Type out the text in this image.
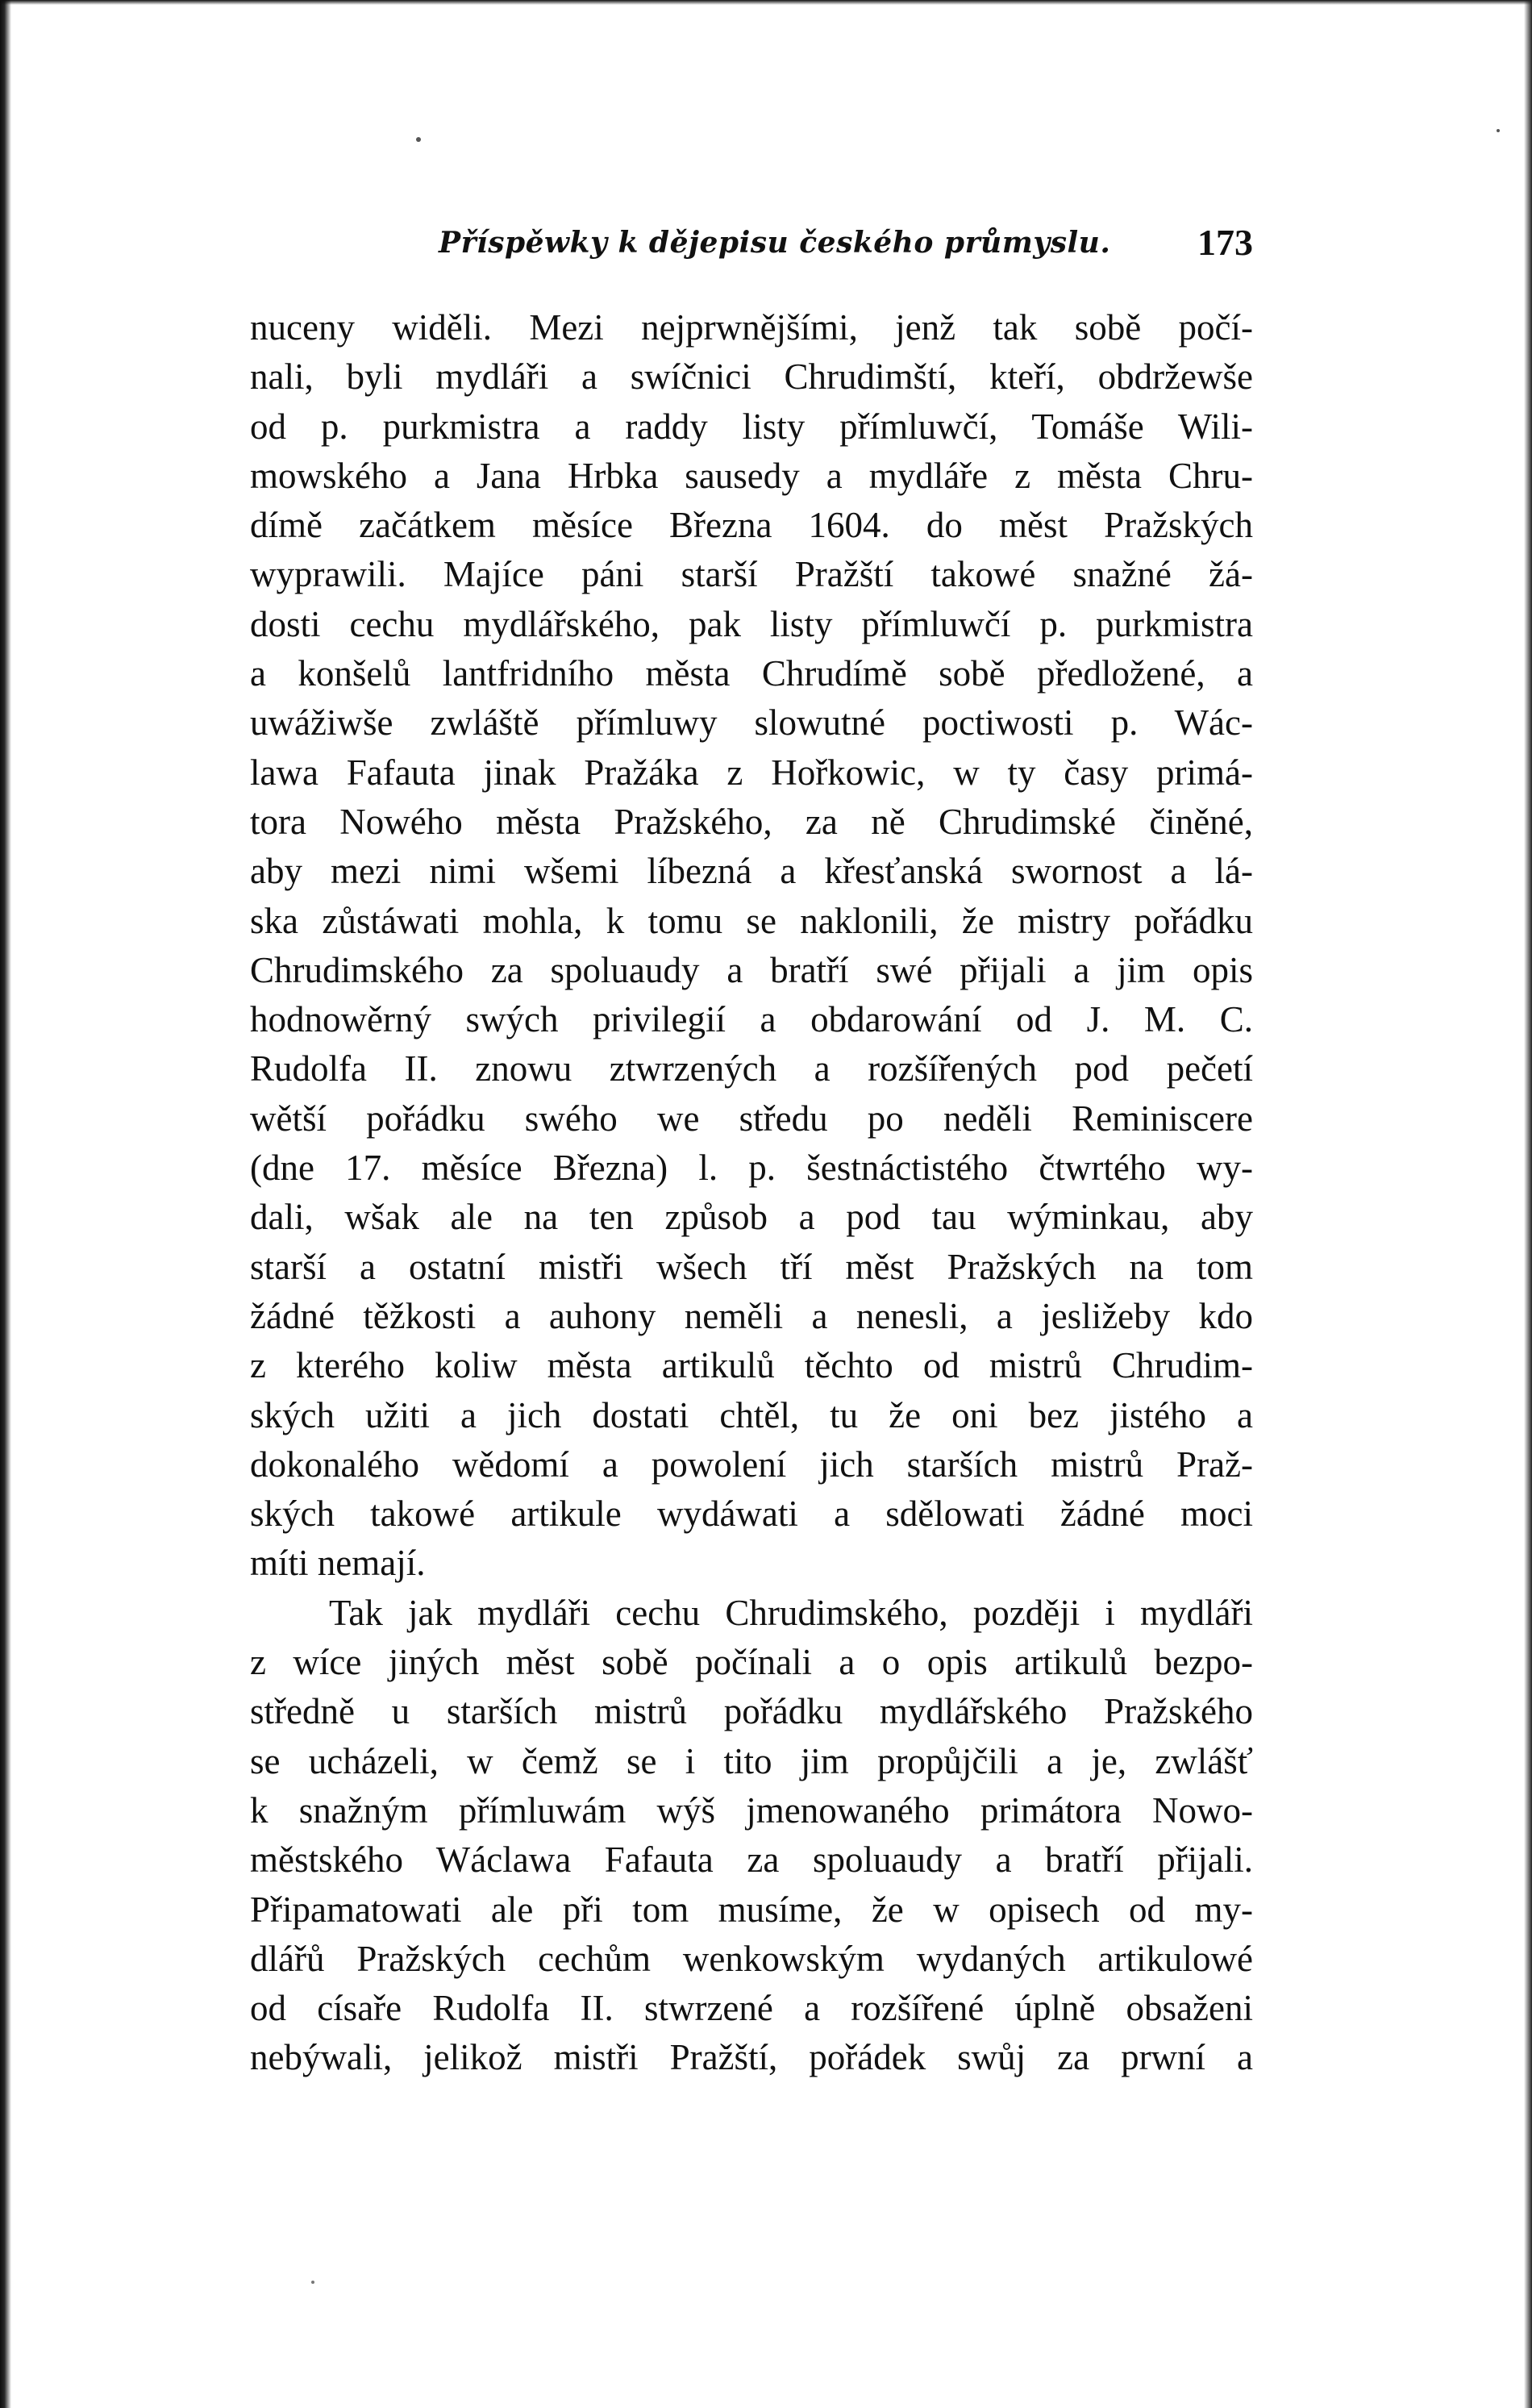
Příspěwky k dějepisu českého průmyslu. 173
nuceny widěli. Mezi nejprwnějšími, jenž tak sobě počí-
nali, byli mydláři a swíčnici Chrudimští, kteří, obdržewše
od p. purkmistra a raddy listy přímluwčí, Tomáše Wili-
mowského a Jana Hrbka sausedy a mydláře z města Chru-
dímě začátkem měsíce Března 1604. do měst Pražských
wyprawili. Majíce páni starší Pražští takowé snažné žá-
dosti cechu mydlářského, pak listy přímluwčí p. purkmistra
a konšelů lantfridního města Chrudímě sobě předložené, a
uwážiwše zwláště přímluwy slowutné poctiwosti p. Wác-
lawa Fafauta jinak Pražáka z Hořkowic, w ty časy primá-
tora Nowého města Pražského, za ně Chrudimské činěné,
aby mezi nimi wšemi líbezná a křesťanská swornost a lá-
ska zůstáwati mohla, k tomu se naklonili, že mistry pořádku
Chrudimského za spoluaudy a bratří swé přijali a jim opis
hodnowěrný swých privilegií a obdarowání od J. M. C.
Rudolfa II. znowu ztwrzených a rozšířených pod pečetí
wětší pořádku swého we středu po neděli Reminiscere
(dne 17. měsíce Března) l. p. šestnáctistého čtwrtého wy-
dali, wšak ale na ten způsob a pod tau wýminkau, aby
starší a ostatní mistři wšech tří měst Pražských na tom
žádné těžkosti a auhony neměli a nenesli, a jesližeby kdo
z kterého koliw města artikulů těchto od mistrů Chrudim-
ských užiti a jich dostati chtěl, tu že oni bez jistého a
dokonalého wědomí a powolení jich starších mistrů Praž-
ských takowé artikule wydáwati a sdělowati žádné moci
míti nemají.
Tak jak mydláři cechu Chrudimského, později i mydláři
z wíce jiných měst sobě počínali a o opis artikulů bezpo-
středně u starších mistrů pořádku mydlářského Pražského
se ucházeli, w čemž se i tito jim propůjčili a je, zwlášť
k snažným přímluwám wýš jmenowaného primátora Nowo-
městského Wáclawa Fafauta za spoluaudy a bratří přijali.
Připamatowati ale při tom musíme, že w opisech od my-
dlářů Pražských cechům wenkowským wydaných artikulowé
od císaře Rudolfa II. stwrzené a rozšířené úplně obsaženi
nebýwali, jelikož mistři Pražští, pořádek swůj za prwní a
